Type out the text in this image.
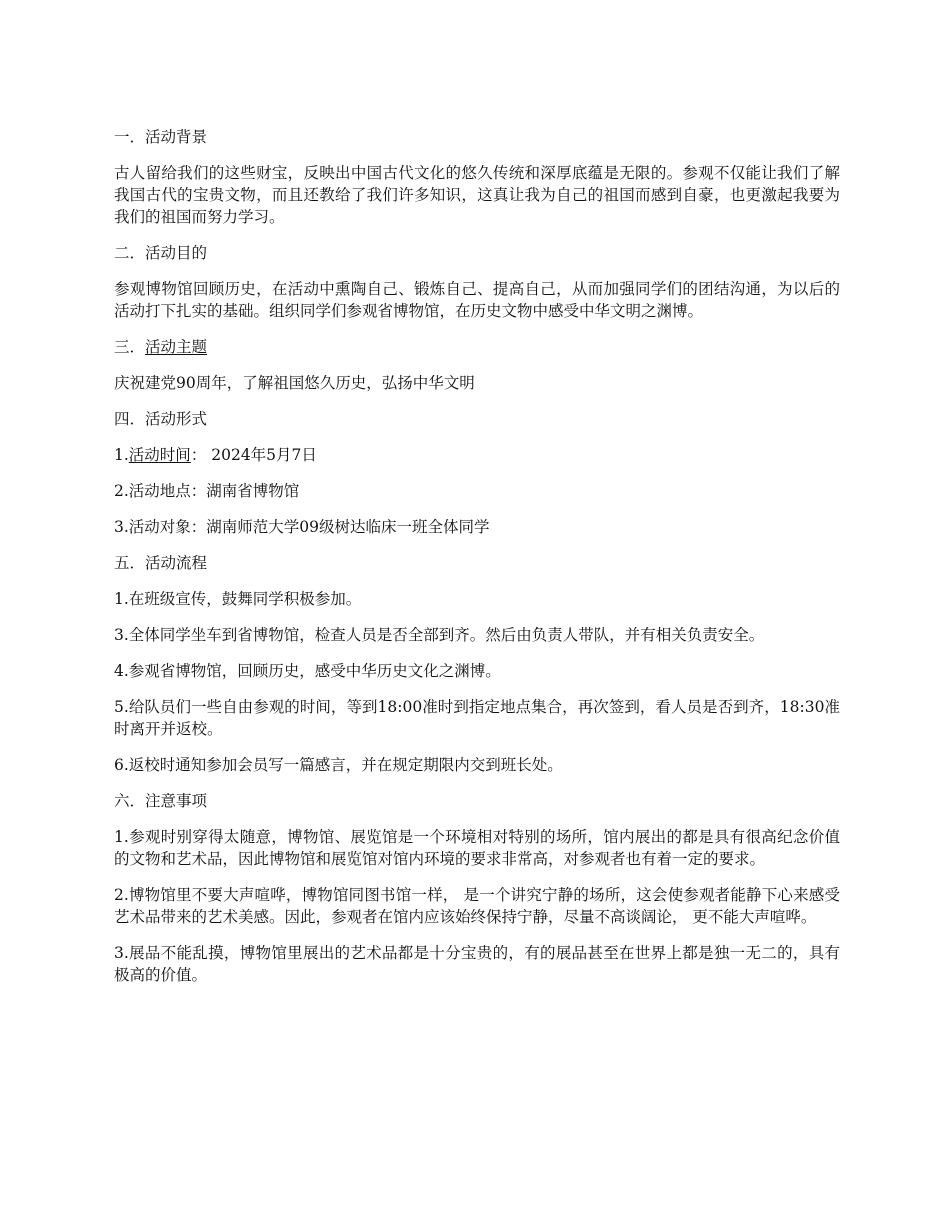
一．活动背景

古人留给我们的这些财宝，反映出中国古代文化的悠久传统和深厚底蕴是无限的。参观不仅能让我们了解我国古代的宝贵文物，而且还教给了我们许多知识，这真让我为自己的祖国而感到自豪，也更激起我要为我们的祖国而努力学习。

二．活动目的

参观博物馆回顾历史，在活动中熏陶自己、锻炼自己、提高自己，从而加强同学们的团结沟通，为以后的活动打下扎实的基础。组织同学们参观省博物馆，在历史文物中感受中华文明之渊博。

三．活动主题

庆祝建党90周年，了解祖国悠久历史，弘扬中华文明

四．活动形式

1.活动时间： 2024年5月7日

2.活动地点：湖南省博物馆

3.活动对象：湖南师范大学09级树达临床一班全体同学

五．活动流程

1.在班级宣传，鼓舞同学积极参加。

3.全体同学坐车到省博物馆，检查人员是否全部到齐。然后由负责人带队，并有相关负责安全。

4.参观省博物馆，回顾历史，感受中华历史文化之渊博。

5.给队员们一些自由参观的时间，等到18:00准时到指定地点集合，再次签到，看人员是否到齐，18:30准时离开并返校。

6.返校时通知参加会员写一篇感言，并在规定期限内交到班长处。

六．注意事项

1.参观时别穿得太随意，博物馆、展览馆是一个环境相对特别的场所，馆内展出的都是具有很高纪念价值的文物和艺术品，因此博物馆和展览馆对馆内环境的要求非常高，对参观者也有着一定的要求。

2.博物馆里不要大声喧哗，博物馆同图书馆一样， 是一个讲究宁静的场所，这会使参观者能静下心来感受艺术品带来的艺术美感。因此，参观者在馆内应该始终保持宁静，尽量不高谈阔论， 更不能大声喧哗。

3.展品不能乱摸，博物馆里展出的艺术品都是十分宝贵的，有的展品甚至在世界上都是独一无二的，具有极高的价值。
